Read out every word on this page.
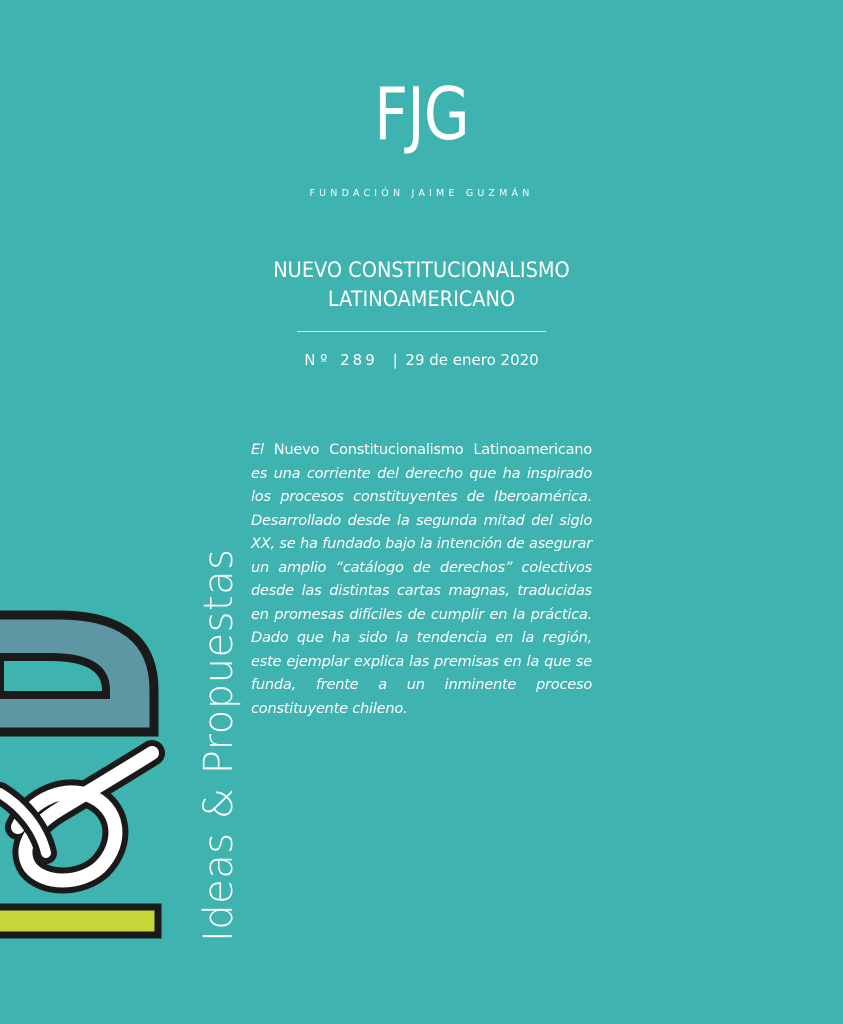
FJG
FUNDACIÓN JAIME GUZMÁN
NUEVO CONSTITUCIONALISMO
LATINOAMERICANO
N º 289 | 29 de enero 2020
El Nuevo Constitucionalismo Latinoamericano es una corriente del derecho que ha inspirado los procesos constituyentes de Iberoamérica. Desarrollado desde la segunda mitad del siglo XX, se ha fundado bajo la intención de asegurar un amplio “catálogo de derechos” colectivos desde las distintas cartas magnas, traducidas en promesas difíciles de cumplir en la práctica. Dado que ha sido la tendencia en la región, este ejemplar explica las premisas en la que se funda, frente a un inminente proceso constituyente chileno.
Ideas & Propuestas
